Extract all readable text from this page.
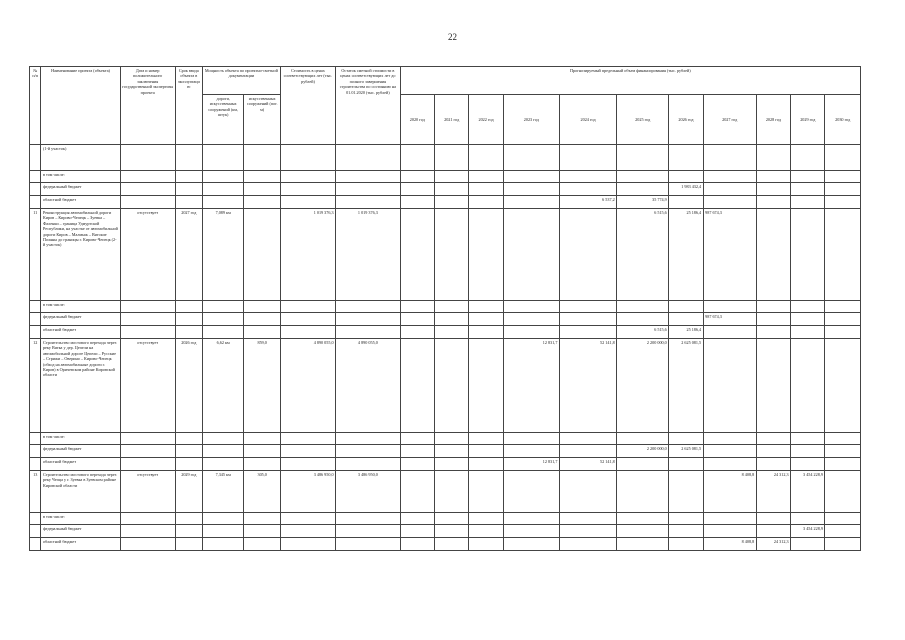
22
№ п/п	Наименование проекта (объекта)	Дата и номер положительного заключения государственной экспертизы проекта	Срок ввода объекта в эксплуатацию	Мощность объекта по проектно-сметной документации		Стоимость в ценах соответствующих лет (тыс. рублей)	Остаток сметной стоимости в ценах соответствующих лет до полного завершения строительства по состоянию на 01.01.2020 (тыс. рублей)	Прогнозируемый предельный объем финансирования (тыс. рублей)										
				дороги, искусственных сооружений (км, штук)	искусственных сооружений (пог. м)			2020 год	2021 год	2022 год	2023 год	2024 год	2025 год	2026 год	2027 год	2028 год	2029 год	2030 год
	(1-й участок)																	
	в том числе:																	
	федеральный бюджет													1 983 432,4				
	областной бюджет											6 537,2	35 774,9					
11	Реконструкция автомобильной дороги Киров – Кирово-Чепецк – Зуевка – Фаленки – граница Удмуртской Республики, на участке от автомобильной дороги Киров – Малмыж – Вятские Поляны до границы г. Кирово-Чепецк (2-й участок)	отсутствует	2027 год	7,089 км		1 019 376,3	1 019 376,3						6 515,6	25 186,4	987 674,3			
	в том числе:																	
	федеральный бюджет														987 674,3			
	областной бюджет												6 515,6	25 186,4				
12	Строительство мостового перехода через реку Вятка у дер. Цепели на автомобильной дороге Цепели – Русские – Стрижи – Оверино – Кирово-Чепецк (обход на автомобильные дороги г. Киров) в Оричевском районе Кировской области	отсутствует	2026 год	6,62 км	859,0	4 890 055,0	4 890 055,0				12 831,7	52 141,8	2 200 000,0	2 625 081,5				
	в том числе:																	
	федеральный бюджет												2 200 000,0	2 625 081,5				
	областной бюджет										12 831,7	52 141,8						
13	Строительство мостового перехода через реку Чепца у г. Зуевка в Зуевском районе Кировской области	отсутствует	2029 год	7,345 км	305,0	3 486 950,0	3 486 950,0								8 408,8	24 312,3	3 454 228,9	
	в том числе:																	
	федеральный бюджет																3 454 228,9	
	областной бюджет														8 408,8	24 312,3		
